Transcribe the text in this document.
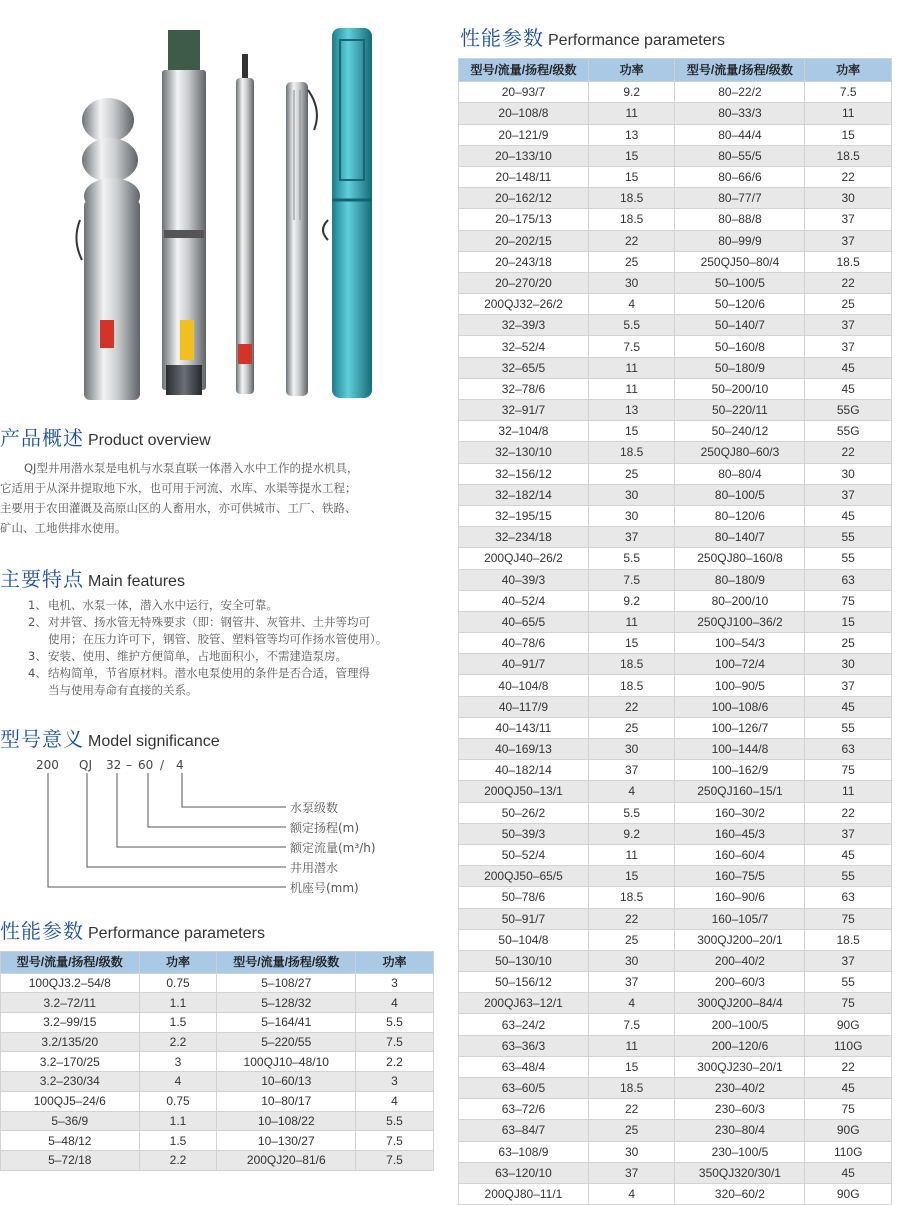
性能参数 Performance parameters
产品概述 Product overview

QJ型井用潜水泵是电机与水泵直联一体潜入水中工作的提水机具，

它适用于从深井提取地下水，也可用于河流、水库、水渠等提水工程；

主要用于农田灌溉及高原山区的人畜用水，亦可供城市、工厂、铁路、

矿山、工地供排水使用。

主要特点 Main features
1、 电机、水泵一体，潜入水中运行，安全可靠。
2、 对井管、扬水管无特殊要求（即：钢管井、灰管井、土井等均可
使用；在压力许可下，钢管、胶管、塑料管等均可作扬水管使用）。
3、 安装、使用、维护方便简单，占地面积小，不需建造泵房。
4、 结构简单，节省原材料。潜水电泵使用的条件是否合适，管理得
当与使用寿命有直接的关系。
型号意义 Model significance
200 QJ 32 – 60 / 4
水泵级数
额定扬程(m)
额定流量(m³/h)
井用潜水
机座号(mm)
性能参数 Performance parameters
型号/流量/扬程/级数	功率	型号/流量/扬程/级数	功率
100QJ3.2–54/8	0.75	5–108/27	3
3.2–72/11	1.1	5–128/32	4
3.2–99/15	1.5	5–164/41	5.5
3.2/135/20	2.2	5–220/55	7.5
3.2–170/25	3	100QJ10–48/10	2.2
3.2–230/34	4	10–60/13	3
100QJ5–24/6	0.75	10–80/17	4
5–36/9	1.1	10–108/22	5.5
5–48/12	1.5	10–130/27	7.5
5–72/18	2.2	200QJ20–81/6	7.5
型号/流量/扬程/级数	功率	型号/流量/扬程/级数	功率
20–93/7	9.2	80–22/2	7.5
20–108/8	11	80–33/3	11
20–121/9	13	80–44/4	15
20–133/10	15	80–55/5	18.5
20–148/11	15	80–66/6	22
20–162/12	18.5	80–77/7	30
20–175/13	18.5	80–88/8	37
20–202/15	22	80–99/9	37
20–243/18	25	250QJ50–80/4	18.5
20–270/20	30	50–100/5	22
200QJ32–26/2	4	50–120/6	25
32–39/3	5.5	50–140/7	37
32–52/4	7.5	50–160/8	37
32–65/5	11	50–180/9	45
32–78/6	11	50–200/10	45
32–91/7	13	50–220/11	55G
32–104/8	15	50–240/12	55G
32–130/10	18.5	250QJ80–60/3	22
32–156/12	25	80–80/4	30
32–182/14	30	80–100/5	37
32–195/15	30	80–120/6	45
32–234/18	37	80–140/7	55
200QJ40–26/2	5.5	250QJ80–160/8	55
40–39/3	7.5	80–180/9	63
40–52/4	9.2	80–200/10	75
40–65/5	11	250QJ100–36/2	15
40–78/6	15	100–54/3	25
40–91/7	18.5	100–72/4	30
40–104/8	18.5	100–90/5	37
40–117/9	22	100–108/6	45
40–143/11	25	100–126/7	55
40–169/13	30	100–144/8	63
40–182/14	37	100–162/9	75
200QJ50–13/1	4	250QJ160–15/1	11
50–26/2	5.5	160–30/2	22
50–39/3	9.2	160–45/3	37
50–52/4	11	160–60/4	45
200QJ50–65/5	15	160–75/5	55
50–78/6	18.5	160–90/6	63
50–91/7	22	160–105/7	75
50–104/8	25	300QJ200–20/1	18.5
50–130/10	30	200–40/2	37
50–156/12	37	200–60/3	55
200QJ63–12/1	4	300QJ200–84/4	75
63–24/2	7.5	200–100/5	90G
63–36/3	11	200–120/6	110G
63–48/4	15	300QJ230–20/1	22
63–60/5	18.5	230–40/2	45
63–72/6	22	230–60/3	75
63–84/7	25	230–80/4	90G
63–108/9	30	230–100/5	110G
63–120/10	37	350QJ320/30/1	45
200QJ80–11/1	4	320–60/2	90G
